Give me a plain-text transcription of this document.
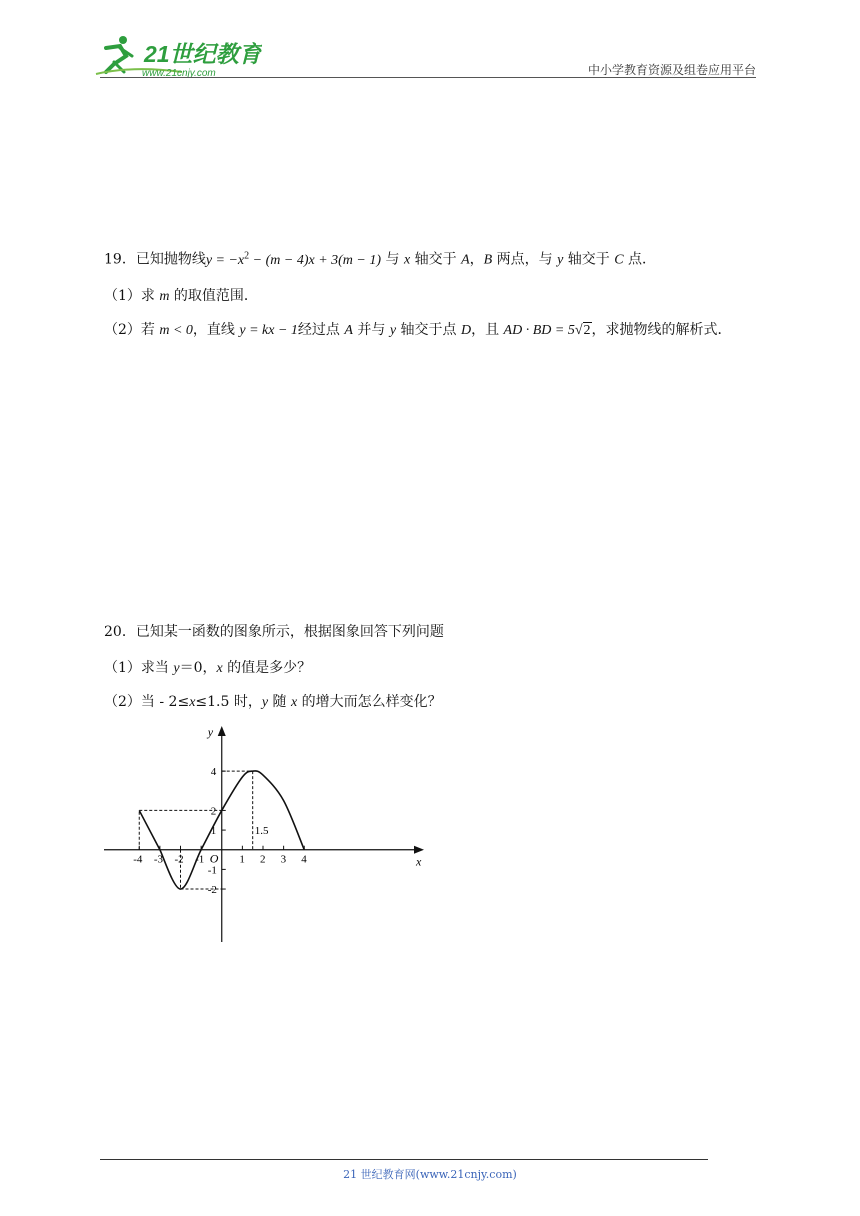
21世纪教育
www.21cnjy.com	中小学教育资源及组卷应用平台
19．已知抛物线$y = -x^2 - (m - 4)x + 3(m - 1)$ 与 x 轴交于 A，B 两点，与 y 轴交于 C 点．
（1）求 m 的取值范围．
（2）若 m < 0，直线 y = kx − 1经过点 A 并与 y 轴交于点 D，且 AD · BD = 5√2，求抛物线的解析式．
20．已知某一函数的图象所示，根据图象回答下列问题
（1）求当 y＝0，x 的值是多少？
（2）当 ‐ 2≤x≤1.5 时，y 随 x 的增大而怎么样变化？
x
y
O
-4 -3 -2 -1	1 2 3 4
4
2
1
-1
-2
1.5
21 世纪教育网(www.21cnjy.com)
